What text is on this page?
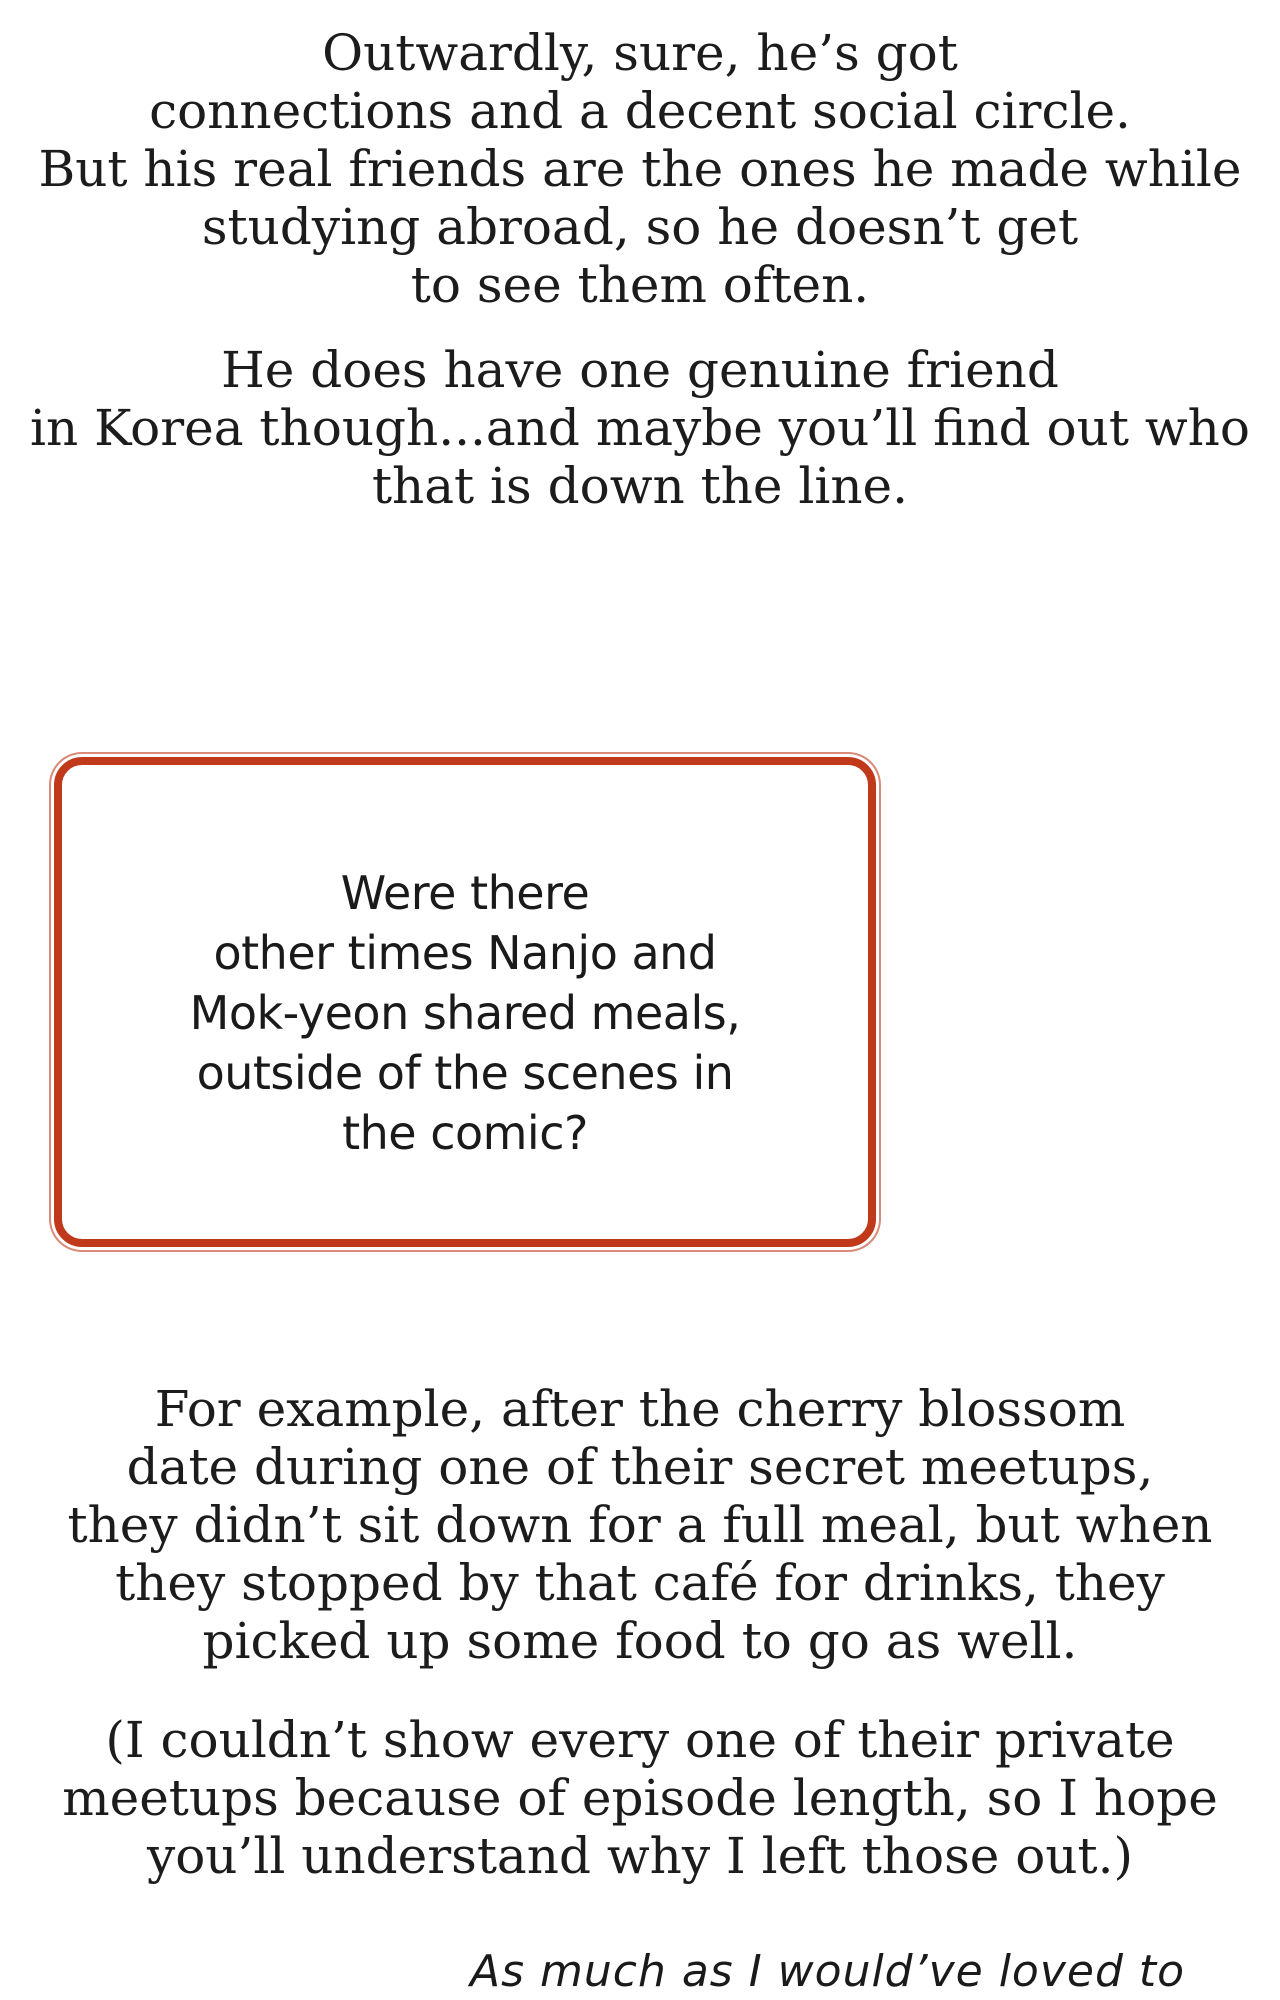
Outwardly, sure, he’s got
connections and a decent social circle.
But his real friends are the ones he made while
studying abroad, so he doesn’t get
to see them often.
He does have one genuine friend
in Korea though...and maybe you’ll find out who
that is down the line.
Were there
other times Nanjo and
Mok-yeon shared meals,
outside of the scenes in
the comic?
For example, after the cherry blossom
date during one of their secret meetups,
they didn’t sit down for a full meal, but when
they stopped by that café for drinks, they
picked up some food to go as well.
(I couldn’t show every one of their private
meetups because of episode length, so I hope
you’ll understand why I left those out.)
As much as I would’ve loved to
